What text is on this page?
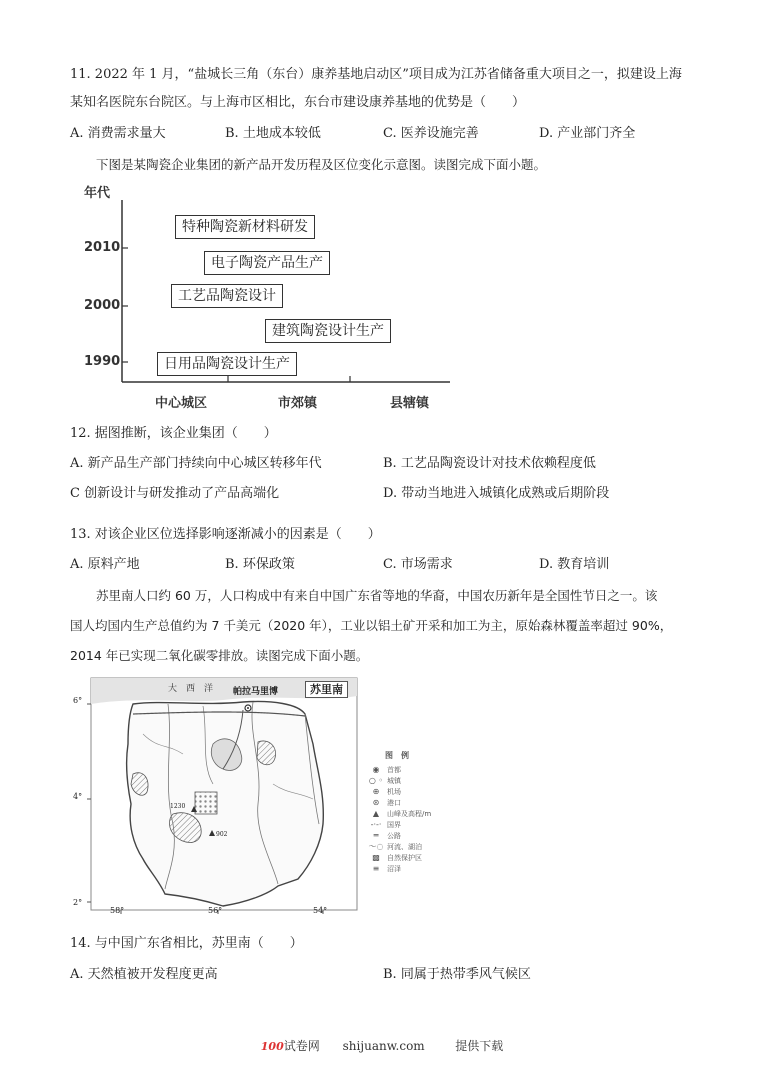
11. 2022 年 1 月，“盐城长三角（东台）康养基地启动区”项目成为江苏省储备重大项目之一，拟建设上海
某知名医院东台院区。与上海市区相比，东台市建设康养基地的优势是（　　）
A. 消费需求量大	B. 土地成本较低	C. 医养设施完善	D. 产业部门齐全
下图是某陶瓷企业集团的新产品开发历程及区位变化示意图。读图完成下面小题。
年代
2010
2000
1990
特种陶瓷新材料研发
电子陶瓷产品生产
工艺品陶瓷设计
建筑陶瓷设计生产
日用品陶瓷设计生产
中心城区	市郊镇	县辖镇
12. 据图推断，该企业集团（　　）
A. 新产品生产部门持续向中心城区转移年代	B. 工艺品陶瓷设计对技术依赖程度低
C 创新设计与研发推动了产品高端化	D. 带动当地进入城镇化成熟或后期阶段
13. 对该企业区位选择影响逐渐减小的因素是（　　）
A. 原料产地	B. 环保政策	C. 市场需求	D. 教育培训
苏里南人口约 60 万，人口构成中有来自中国广东省等地的华裔，中国农历新年是全国性节日之一。该
国人均国内生产总值约为 7 千美元（2020 年），工业以铝土矿开采和加工为主，原始森林覆盖率超过 90%，
2014 年已实现二氧化碳零排放。读图完成下面小题。
6°
4°
2°
58°	56°	54°
大　西　洋 帕拉马里博	苏里南
1230
902
图　例
◉	首都
○ ◦ 城镇
⊕	机场
⊛	港口
▲	山峰及高程/m
-·-· 国界
═	公路
～◌ 河流、湖泊
▩	自然保护区
≡	沼泽
14. 与中国广东省相比，苏里南（　　）
A. 天然植被开发程度更高	B. 同属于热带季风气候区
100试卷网 shijuanw.com	提供下载
